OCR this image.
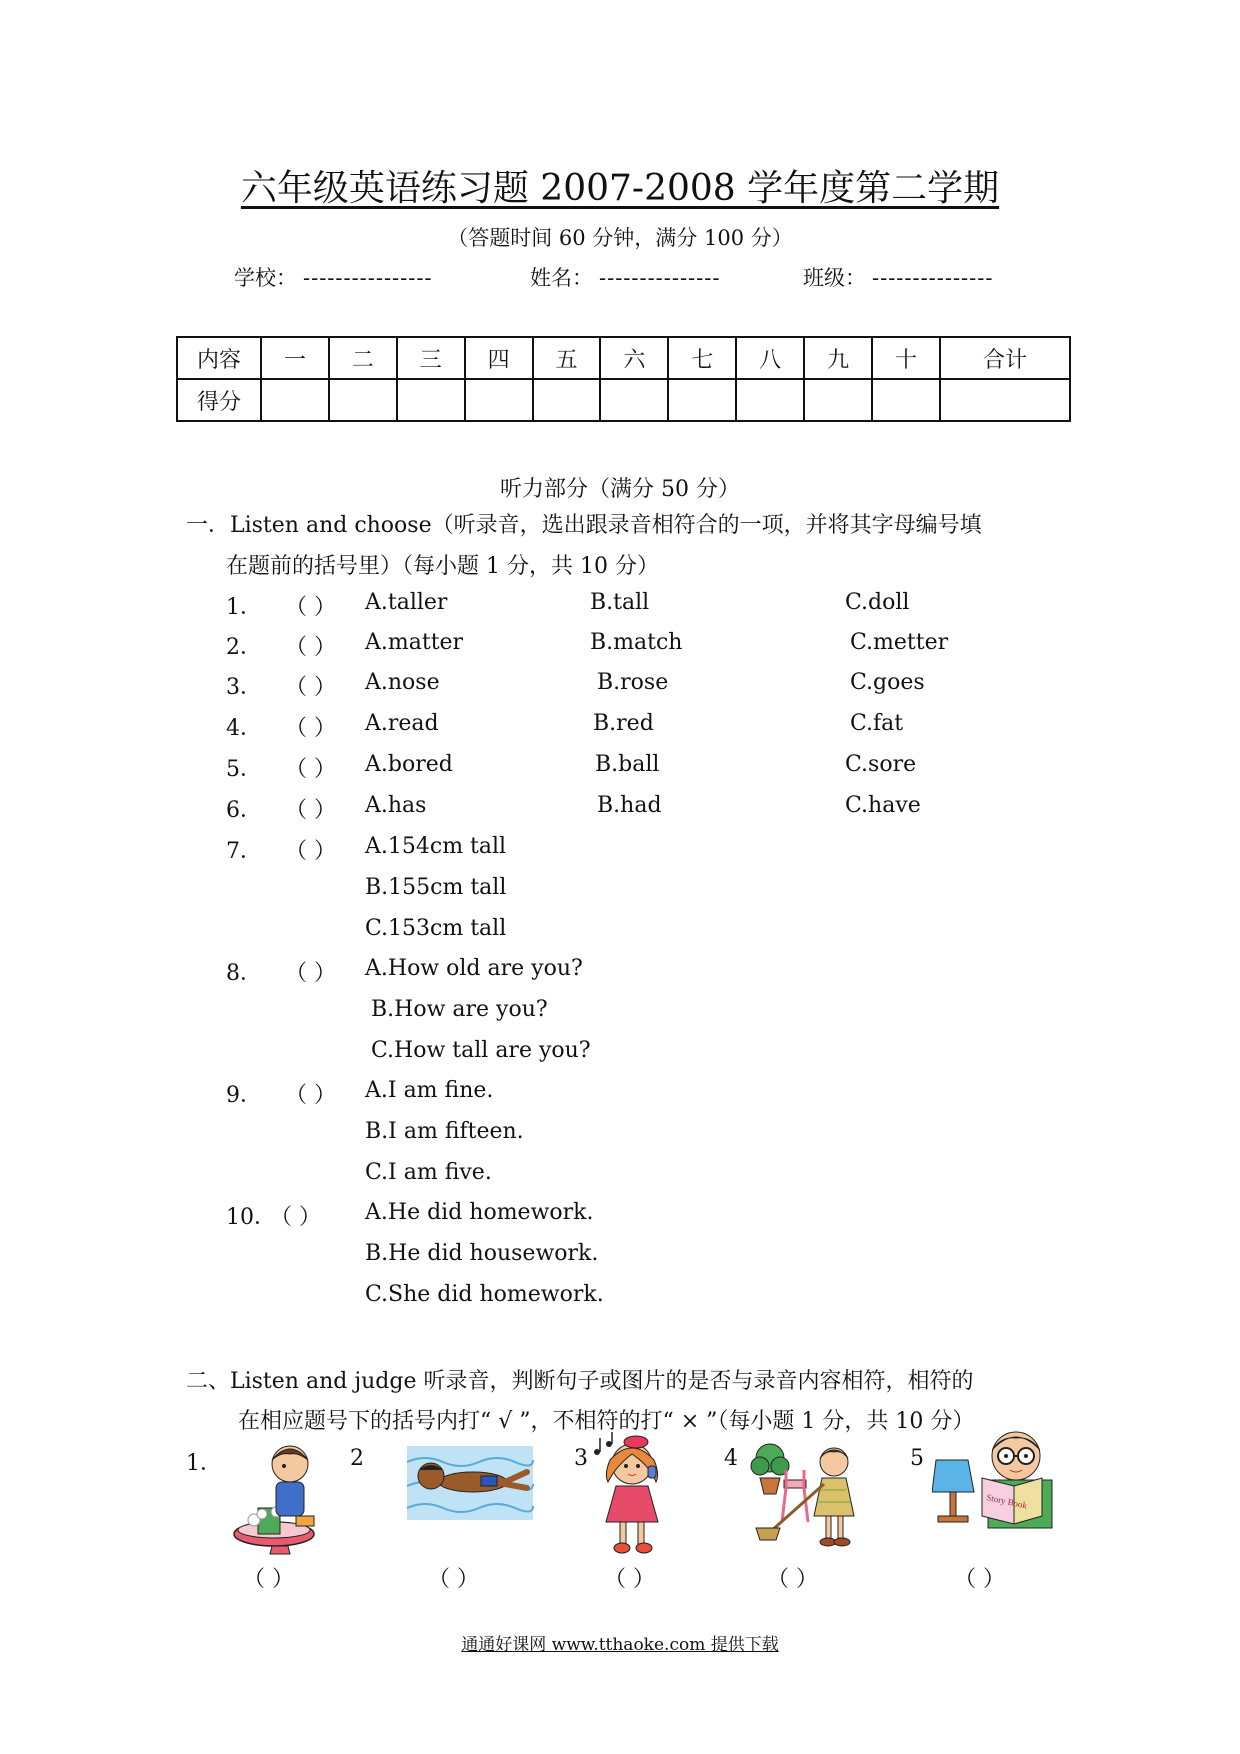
六年级英语练习题 2007-2008 学年度第二学期
（答题时间 60 分钟，满分 100 分）
学校： ----------------	姓名： ---------------	班级： ---------------
内容	一	二	三	四	五	六	七	八	九	十	合计
得分											
听力部分（满分 50 分）
一．Listen and choose（听录音，选出跟录音相符合的一项，并将其字母编号填
在题前的括号里）（每小题 1 分，共 10 分）
1． （ ） A.taller	B.tall	C.doll
2． （ ） A.matter	B.match	C.metter
3． （ ） A.nose	B.rose	C.goes
4． （ ） A.read	B.red	C.fat
5． （ ） A.bored	B.ball	C.sore
6． （ ） A.has	B.had	C.have
7． （ ） A.154cm tall
B.155cm tall
C.153cm tall
8． （ ） A.How old are you?
B.How are you?
C.How tall are you?
9． （ ） A.I am fine.
B.I am fifteen.
C.I am five.
10．
（ ） A.He did homework.
B.He did housework.
C.She did homework.
二、Listen and judge 听录音，判断句子或图片的是否与录音内容相符，相符的
在相应题号下的括号内打“ √ ”，不相符的打“ × ”（每小题 1 分，共 10 分）
1．	2	3	4	5
Story Book
（ ）	（ ）	（ ）	（ ）	（ ）
通通好课网 www.tthaoke.com 提供下载
